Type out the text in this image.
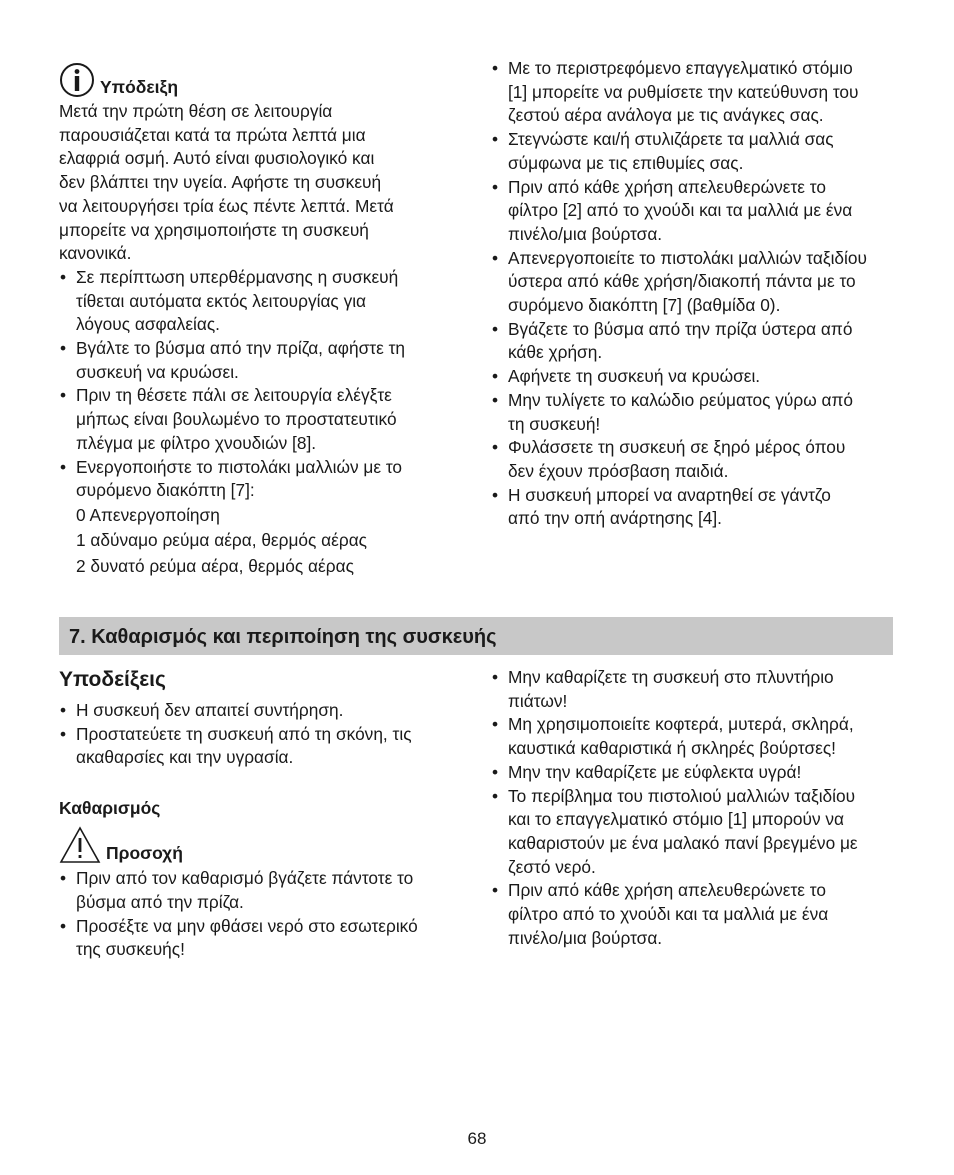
Υπόδειξη

Μετά την πρώτη θέση σε λειτουργία

παρουσιάζεται κατά τα πρώτα λεπτά μια

ελαφριά οσμή. Αυτό είναι φυσιολογικό και

δεν βλάπτει την υγεία. Αφήστε τη συσκευή

να λειτουργήσει τρία έως πέντε λεπτά. Μετά

μπορείτε να χρησιμοποιήστε τη συσκευή

κανονικά.

• Σε περίπτωση υπερθέρμανσης η συσκευή

τίθεται αυτόματα εκτός λειτουργίας για

λόγους ασφαλείας.

• Βγάλτε το βύσμα από την πρίζα, αφήστε τη

συσκευή να κρυώσει.

• Πριν τη θέσετε πάλι σε λειτουργία ελέγξτε

μήπως είναι βουλωμένο το προστατευτικό

πλέγμα με φίλτρο χνουδιών [8].

• Ενεργοποιήστε το πιστολάκι μαλλιών με το

συρόμενο διακόπτη [7]:

0 Απενεργοποίηση

1 αδύναμο ρεύμα αέρα, θερμός αέρας

2 δυνατό ρεύμα αέρα, θερμός αέρας

• Με το περιστρεφόμενο επαγγελματικό στόμιο

[1] μπορείτε να ρυθμίσετε την κατεύθυνση του

ζεστού αέρα ανάλογα με τις ανάγκες σας.

• Στεγνώστε και/ή στυλιζάρετε τα μαλλιά σας

σύμφωνα με τις επιθυμίες σας.

• Πριν από κάθε χρήση απελευθερώνετε το

φίλτρο [2] από το χνούδι και τα μαλλιά με ένα

πινέλο/μια βούρτσα.

• Απενεργοποιείτε το πιστολάκι μαλλιών ταξιδίου

ύστερα από κάθε χρήση/διακοπή πάντα με το

συρόμενο διακόπτη [7] (βαθμίδα 0).

• Βγάζετε το βύσμα από την πρίζα ύστερα από

κάθε χρήση.

• Αφήνετε τη συσκευή να κρυώσει.

• Μην τυλίγετε το καλώδιο ρεύματος γύρω από

τη συσκευή!

• Φυλάσσετε τη συσκευή σε ξηρό μέρος όπου

δεν έχουν πρόσβαση παιδιά.

• Η συσκευή μπορεί να αναρτηθεί σε γάντζο

από την οπή ανάρτησης [4].

7. Καθαρισμός και περιποίηση της συσκευής
Υποδείξεις

• Η συσκευή δεν απαιτεί συντήρηση.

• Προστατεύετε τη συσκευή από τη σκόνη, τις

ακαθαρσίες και την υγρασία.

Καθαρισμός
Προσοχή

• Πριν από τον καθαρισμό βγάζετε πάντοτε το

βύσμα από την πρίζα.

• Προσέξτε να μην φθάσει νερό στο εσωτερικό

της συσκευής!

• Μην καθαρίζετε τη συσκευή στο πλυντήριο

πιάτων!

• Μη χρησιμοποιείτε κοφτερά, μυτερά, σκληρά,

καυστικά καθαριστικά ή σκληρές βούρτσες!

• Μην την καθαρίζετε με εύφλεκτα υγρά!

• Το περίβλημα του πιστολιού μαλλιών ταξιδίου

και το επαγγελματικό στόμιο [1] μπορούν να

καθαριστούν με ένα μαλακό πανί βρεγμένο με

ζεστό νερό.

• Πριν από κάθε χρήση απελευθερώνετε το

φίλτρο από το χνούδι και τα μαλλιά με ένα

πινέλο/μια βούρτσα.

68
